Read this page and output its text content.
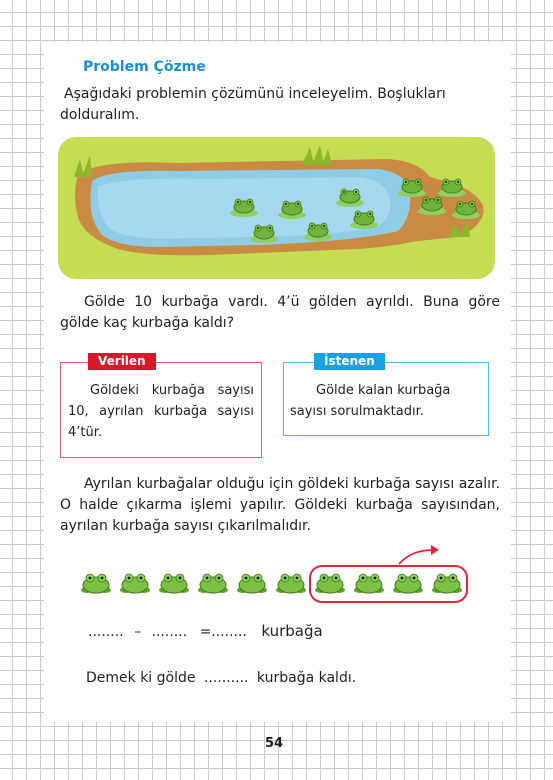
Problem Çözme
Aşağıdaki problemin çözümünü inceleyelim. Boşlukları dolduralım.
Gölde 10 kurbağa vardı. 4’ü gölden ayrıldı. Buna göre gölde kaç kurbağa kaldı?
Verilen
Göldeki kurbağa sayısı 10, ayrılan kurbağa sayısı 4’tür.
İstenen
Gölde kalan kurbağa sayısı sorulmaktadır.
Ayrılan kurbağalar olduğu için göldeki kurbağa sayısı azalır. O halde çıkarma işlemi yapılır. Göldeki kurbağa sayısından, ayrılan kurbağa sayısı çıkarılmalıdır.
........ – ........ =........ kurbağa
Demek ki gölde .......... kurbağa kaldı.
54
